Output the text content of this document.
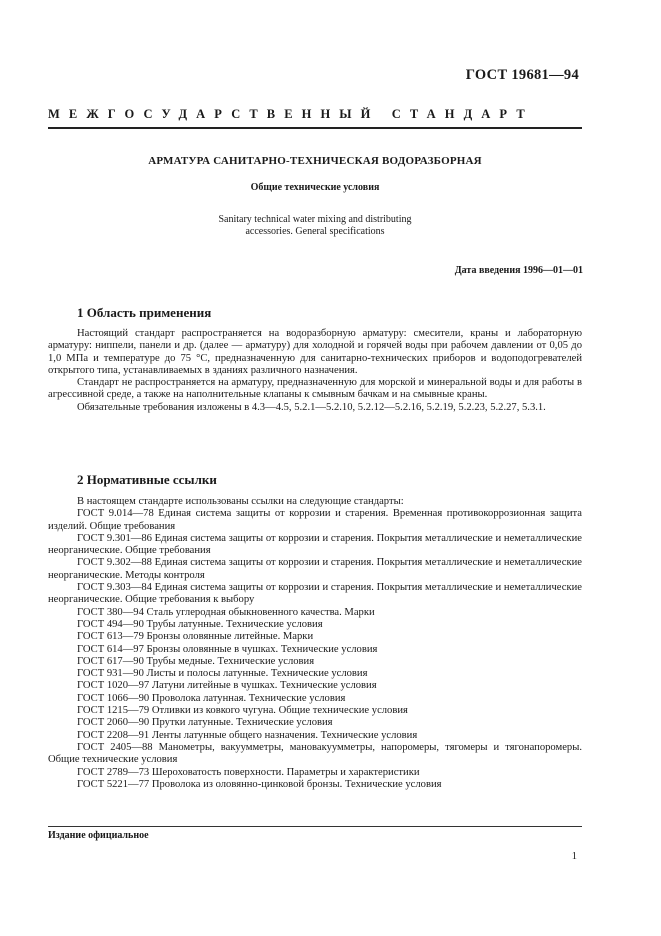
ГОСТ 19681—94
МЕЖГОСУДАРСТВЕННЫЙ СТАНДАРТ
АРМАТУРА САНИТАРНО-ТЕХНИЧЕСКАЯ ВОДОРАЗБОРНАЯ
Общие технические условия
Sanitary technical water mixing and distributing
accessories. General specifications
Дата введения 1996—01—01
1 Область применения

Настоящий стандарт распространяется на водоразборную арматуру: смесители, краны и лабораторную арматуру: ниппели, панели и др. (далее — арматуру) для холодной и горячей воды при рабочем давлении от 0,05 до 1,0 МПа и температуре до 75 °С, предназначенную для санитарно-технических приборов и водоподогревателей открытого типа, устанавливаемых в зданиях различного назначения.

Стандарт не распространяется на арматуру, предназначенную для морской и минеральной воды и для работы в агрессивной среде, а также на наполнительные клапаны к смывным бачкам и на смывные краны.

Обязательные требования изложены в 4.3—4.5, 5.2.1—5.2.10, 5.2.12—5.2.16, 5.2.19, 5.2.23, 5.2.27, 5.3.1.

2 Нормативные ссылки

В настоящем стандарте использованы ссылки на следующие стандарты:

ГОСТ 9.014—78 Единая система защиты от коррозии и старения. Временная противокоррозионная защита изделий. Общие требования

ГОСТ 9.301—86 Единая система защиты от коррозии и старения. Покрытия металлические и неметаллические неорганические. Общие требования

ГОСТ 9.302—88 Единая система защиты от коррозии и старения. Покрытия металлические и неметаллические неорганические. Методы контроля

ГОСТ 9.303—84 Единая система защиты от коррозии и старения. Покрытия металлические и неметаллические неорганические. Общие требования к выбору

ГОСТ 380—94 Сталь углеродная обыкновенного качества. Марки

ГОСТ 494—90 Трубы латунные. Технические условия

ГОСТ 613—79 Бронзы оловянные литейные. Марки

ГОСТ 614—97 Бронзы оловянные в чушках. Технические условия

ГОСТ 617—90 Трубы медные. Технические условия

ГОСТ 931—90 Листы и полосы латунные. Технические условия

ГОСТ 1020—97 Латуни литейные в чушках. Технические условия

ГОСТ 1066—90 Проволока латунная. Технические условия

ГОСТ 1215—79 Отливки из ковкого чугуна. Общие технические условия

ГОСТ 2060—90 Прутки латунные. Технические условия

ГОСТ 2208—91 Ленты латунные общего назначения. Технические условия

ГОСТ 2405—88 Манометры, вакуумметры, мановакуумметры, напоромеры, тягомеры и тягонапоромеры. Общие технические условия

ГОСТ 2789—73 Шероховатость поверхности. Параметры и характеристики

ГОСТ 5221—77 Проволока из оловянно-цинковой бронзы. Технические условия

Издание официальное
1
